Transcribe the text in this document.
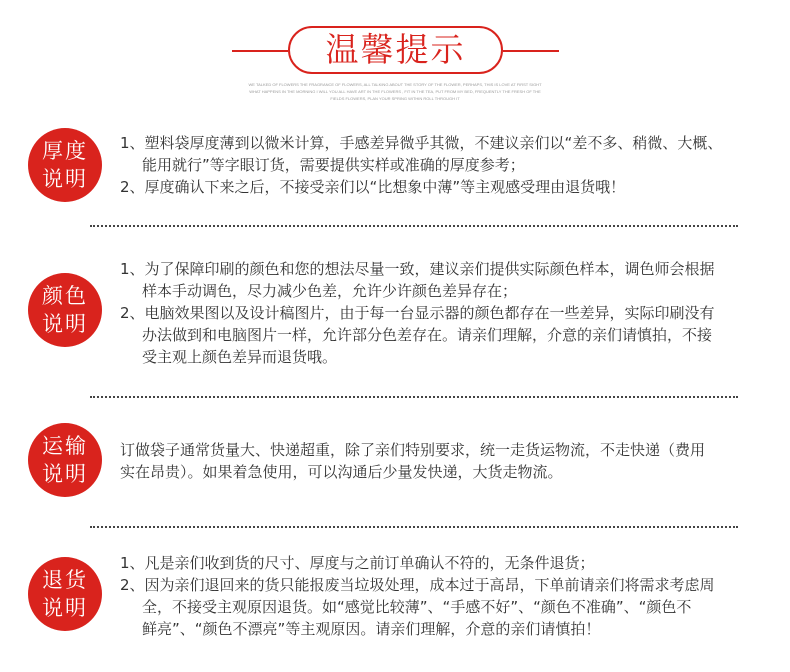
温馨提示
WE TALKED OF FLOWERS THE FRAGRANCE OF FLOWERS, ALL TALKING ABOUT THE STORY OF THE FLOWER, PERHAPS, THIS IS LOVE AT FIRST SIGHT
WHAT HAPPENS IN THE MORNING I WILL YOU ALL HAVE ART IN THE FLOWERS , FIT IN THE TEA, PUT FROM MY BED, FREQUENTLY THE FRESH OF THE
FIELDS FLOWERS, PLAN YOUR SPRING WITHIN ROLL THROUGH IT
厚度
说明

1、塑料袋厚度薄到以微米计算，手感差异微乎其微，不建议亲们以“差不多、稍微、大概、

能用就行”等字眼订货，需要提供实样或准确的厚度参考；

2、厚度确认下来之后，不接受亲们以“比想象中薄”等主观感受理由退货哦！

颜色
说明

1、为了保障印刷的颜色和您的想法尽量一致，建议亲们提供实际颜色样本，调色师会根据

样本手动调色，尽力减少色差，允许少许颜色差异存在；

2、电脑效果图以及设计稿图片，由于每一台显示器的颜色都存在一些差异，实际印刷没有

办法做到和电脑图片一样，允许部分色差存在。请亲们理解，介意的亲们请慎拍，不接

受主观上颜色差异而退货哦。

运输
说明

订做袋子通常货量大、快递超重，除了亲们特别要求，统一走货运物流，不走快递（费用

实在昂贵）。如果着急使用，可以沟通后少量发快递，大货走物流。

退货
说明

1、凡是亲们收到货的尺寸、厚度与之前订单确认不符的，无条件退货；

2、因为亲们退回来的货只能报废当垃圾处理，成本过于高昂，下单前请亲们将需求考虑周

全，不接受主观原因退货。如“感觉比较薄”、“手感不好”、“颜色不准确”、“颜色不

鲜亮”、“颜色不漂亮”等主观原因。请亲们理解，介意的亲们请慎拍！
